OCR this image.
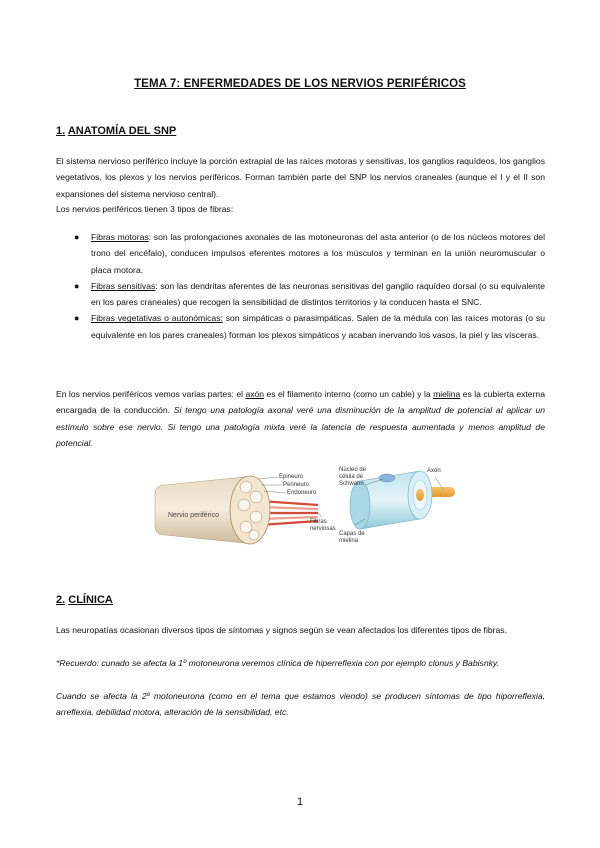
TEMA 7: ENFERMEDADES DE LOS NERVIOS PERIFÉRICOS
1. ANATOMÍA DEL SNP

El sistema nervioso periférico incluye la porción extrapial de las raíces motoras y sensitivas, los ganglios raquídeos, los ganglios vegetativos, los plexos y los nervios periféricos. Forman también parte del SNP los nervios craneales (aunque el I y el II son expansiones del sistema nervioso central).

Los nervios periféricos tienen 3 tipos de fibras:

● Fibras motoras: son las prolongaciones axonales de las motoneuronas del asta anterior (o de los núcleos motores del trono del encéfalo), conducen impulsos eferentes motores a los músculos y terminan en la unión neuromuscular o placa motora.
● Fibras sensitivas: son las dendritas aferentes de las neuronas sensitivas del ganglio raquídeo dorsal (o su equivalente en los pares craneales) que recogen la sensibilidad de distintos territorios y la conducen hasta el SNC.
● Fibras vegetativas o autonómicas: son simpáticas o parasimpáticas. Salen de la médula con las raíces motoras (o su equivalente en los pares craneales) forman los plexos simpáticos y acaban inervando los vasos, la piel y las vísceras.

En los nervios periféricos vemos varias partes: el axón es el filamento interno (como un cable) y la mielina es la cubierta externa encargada de la conducción. Si tengo una patología axonal veré una disminución de la amplitud de potencial al aplicar un estímulo sobre ese nervio. Si tengo una patología mixta veré la latencia de respuesta aumentada y menos amplitud de potencial.

Nervio periférico
Epineuro
Perineuro
Endoneuro
Fibras
nerviosas
Núcleo de
célula de
Schwann
Axón
Capas de
mielina
2. CLÍNICA

Las neuropatías ocasionan diversos tipos de síntomas y signos según se vean afectados los diferentes tipos de fibras.

*Recuerdo: cunado se afecta la 1º motoneurona veremos clínica de hiperreflexia con por ejemplo clonus y Babisnky.

Cuando se afecta la 2º motoneurona (como en el tema que estamos viendo) se producen síntomas de tipo hiporreflexia, arreflexia, debilidad motora, alteración de la sensibilidad, etc.

1
